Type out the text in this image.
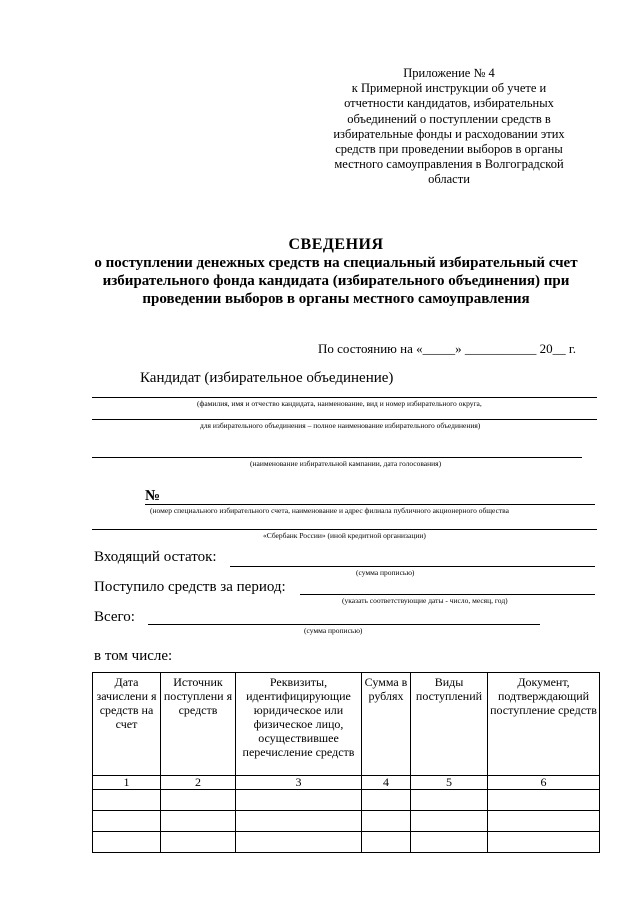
Приложение № 4
к Примерной инструкции об учете и
отчетности кандидатов, избирательных
объединений о поступлении средств в
избирательные фонды и расходовании этих
средств при проведении выборов в органы
местного самоуправления в Волгоградской
области
СВЕДЕНИЯ
о поступлении денежных средств на специальный избирательный счет
избирательного фонда кандидата (избирательного объединения) при
проведении выборов в органы местного самоуправления
По состоянию на «_____» ___________ 20__ г.
Кандидат (избирательное объединение)
(фамилия, имя и отчество кандидата, наименование, вид и номер избирательного округа,
для избирательного объединения – полное наименование избирательного объединения)
(наименование избирательной кампании, дата голосования)
№
(номер специального избирательного счета, наименование и адрес филиала публичного акционерного общества
«Сбербанк России» (иной кредитной организации)
Входящий остаток:
(сумма прописью)
Поступило средств за период:
(указать соответствующие даты - число, месяц, год)
Всего:
(сумма прописью)
в том числе:
Дата зачислени я средств на счет	Источник поступлени я средств	Реквизиты, идентифицирующие юридическое или физическое лицо, осуществившее перечисление средств	Сумма в рублях	Виды поступлений	Документ, подтверждающий поступление средств
1	2	3	4	5	6
